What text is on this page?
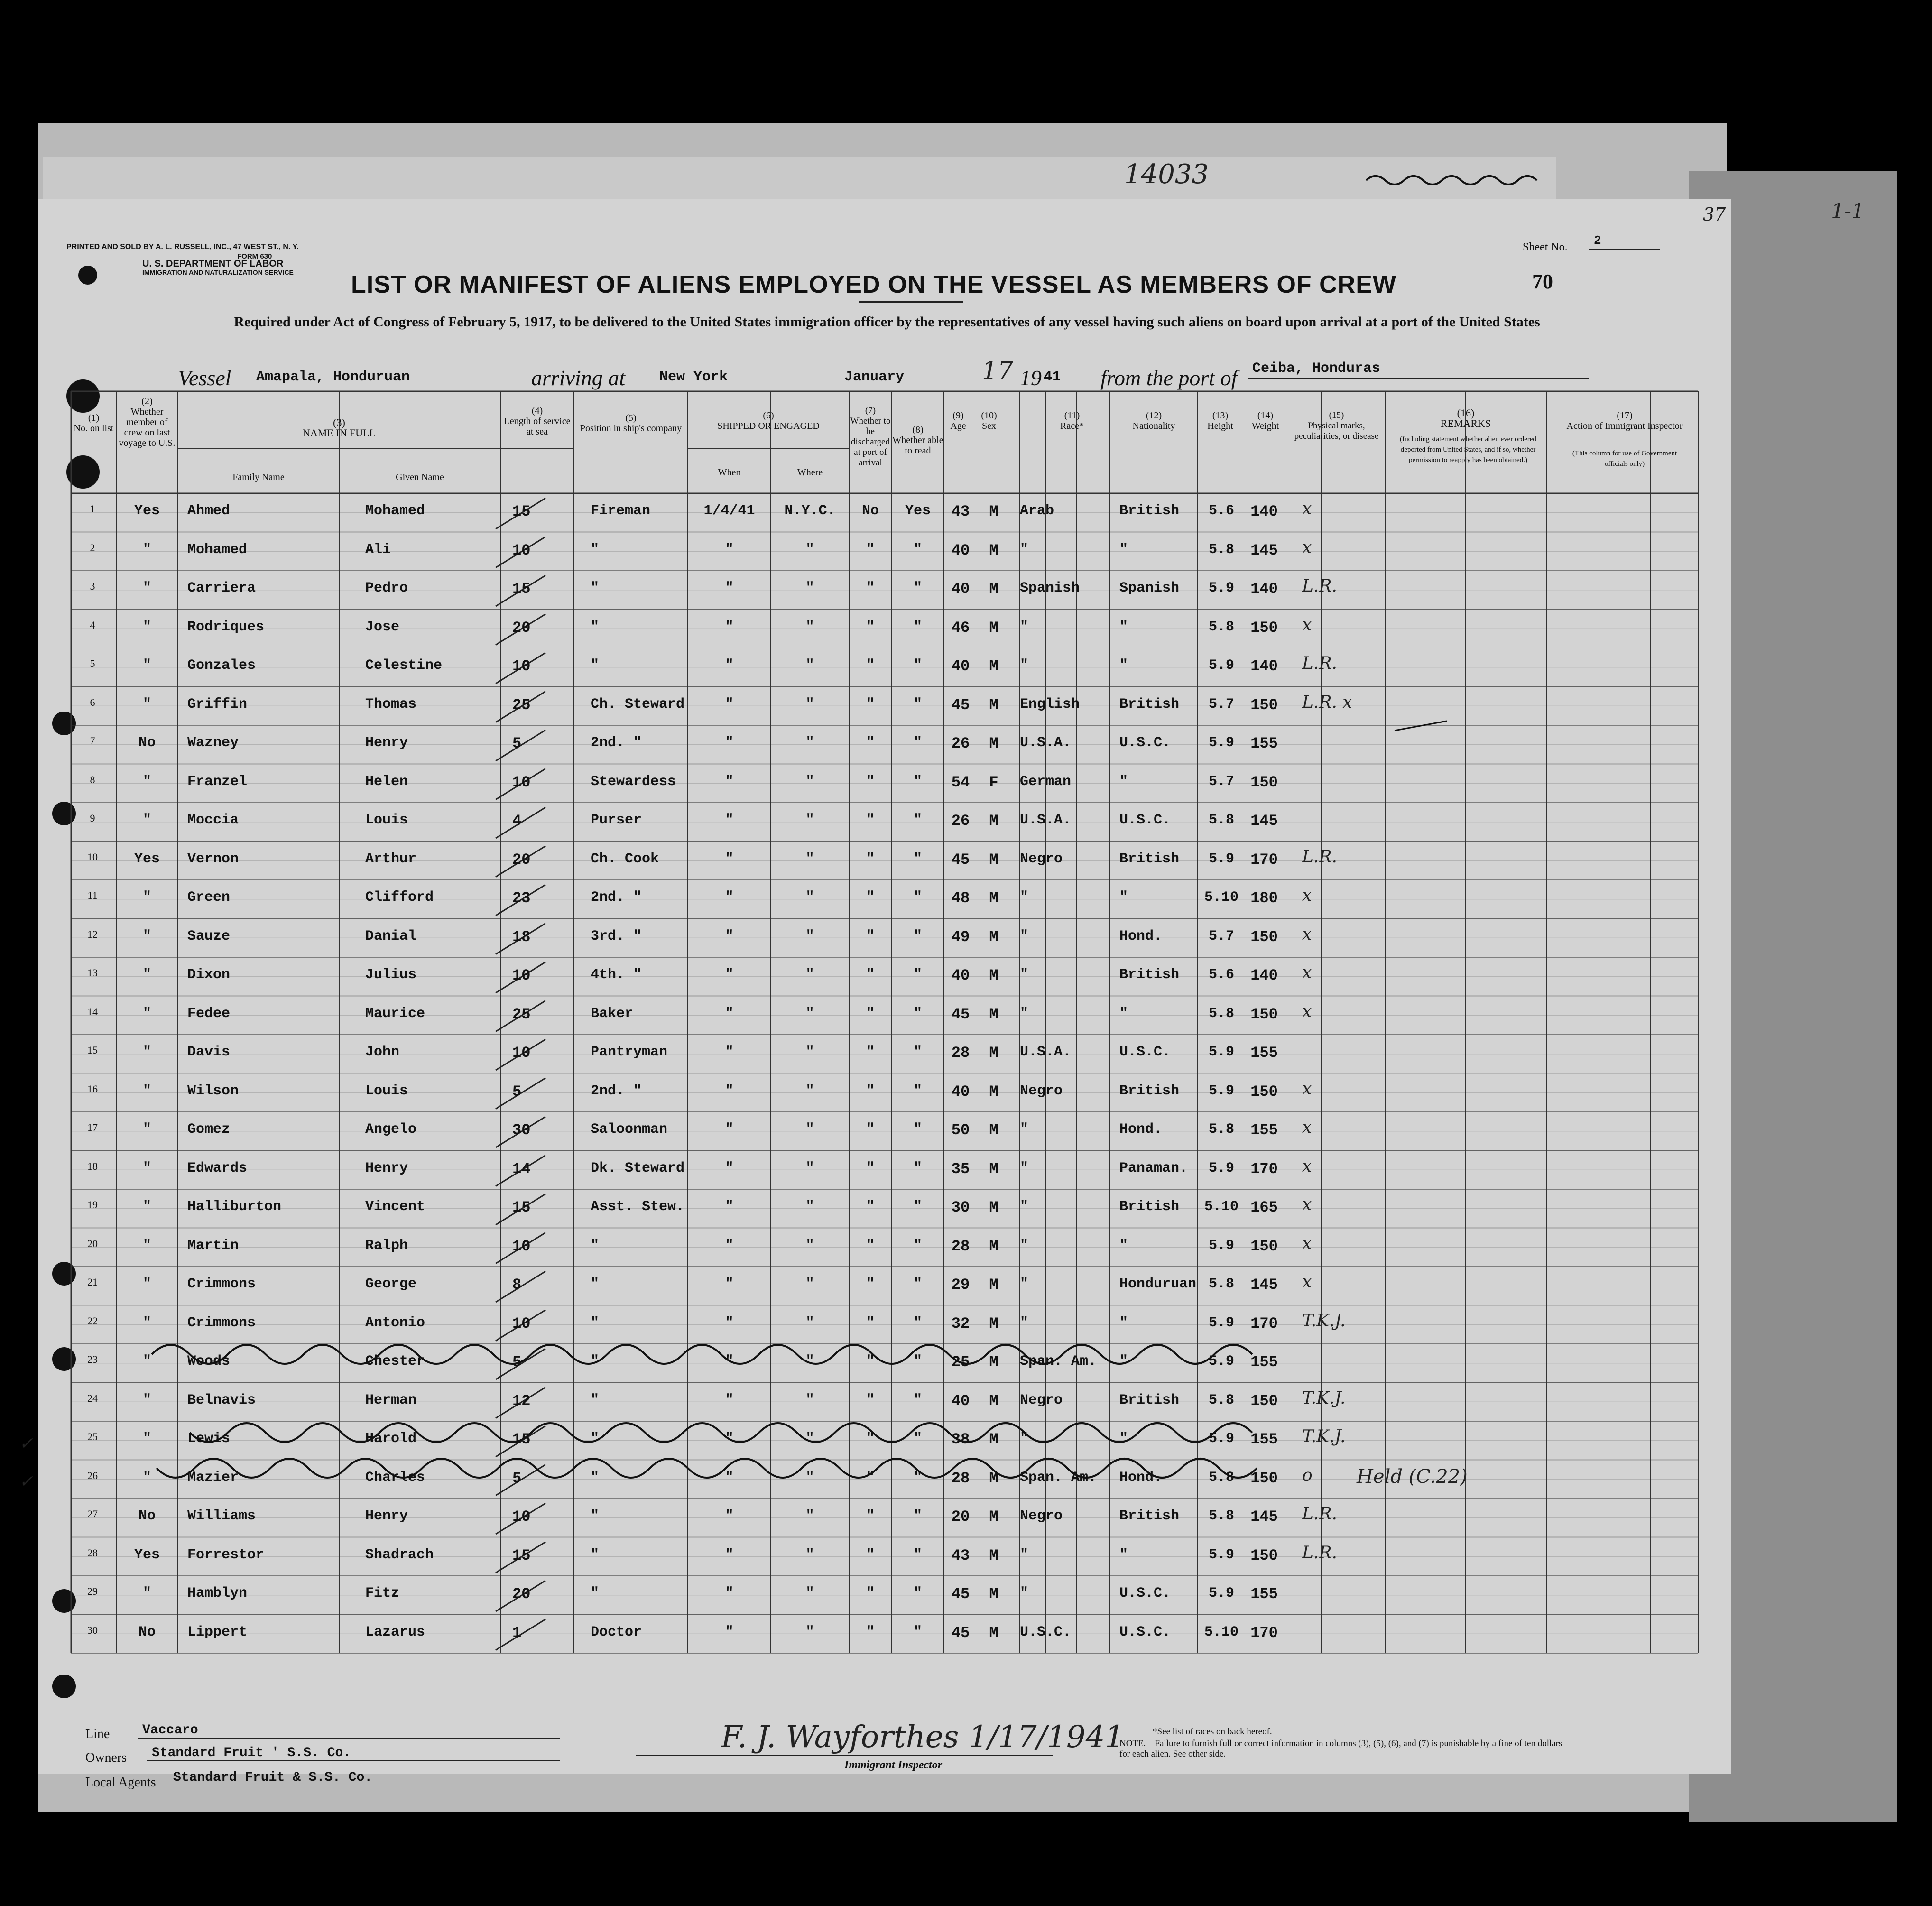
14033
1-1
37
PRINTED AND SOLD BY A. L. RUSSELL, INC., 47 WEST ST., N. Y.
FORM 630
U. S. DEPARTMENT OF LABOR
IMMIGRATION AND NATURALIZATION SERVICE
Sheet No. 2
70
LIST OR MANIFEST OF ALIENS EMPLOYED ON THE VESSEL AS MEMBERS OF CREW
Required under Act of Congress of February 5, 1917, to be delivered to the United States immigration officer by the representatives of any vessel having such aliens on board upon arrival at a port of the United States
Vessel Amapala, Honduruan	arriving at New York	January	17 19 41 from the port of Ceiba, Honduras
(1)
No. on list
(2)
Whether member of crew on last voyage to U.S.
(3)
NAME IN FULL
Family Name	Given Name
(4)
Length of service at sea
(5)
Position in ship's company
(6)
SHIPPED OR ENGAGED
When	Where
(7)
Whether to be discharged at port of arrival
(8)
Whether able to read
(9)
Age
(10)
Sex
(11)
Race*
(12)
Nationality
(13)
Height
(14)
Weight
(15)
Physical marks, peculiarities, or disease
(16)
REMARKS
(Including statement whether alien ever ordered deported from United States, and if so, whether permission to reapply has been obtained.)
(17)
Action of Immigrant Inspector
(This column for use of Government officials only)
1	Yes	Ahmed	Mohamed	15	Fireman	1/4/41	N.Y.C.	No	Yes	43	M	Arab	British	5.6	140	x
2	"	Mohamed	Ali	10	"	"	"	"	"	40	M	"	"	5.8	145	x
3	"	Carriera	Pedro	15	"	"	"	"	"	40	M	Spanish	Spanish	5.9	140	L.R.
4	"	Rodriques	Jose	20	"	"	"	"	"	46	M	"	"	5.8	150	x
5	"	Gonzales	Celestine	10	"	"	"	"	"	40	M	"	"	5.9	140	L.R.
6	"	Griffin	Thomas	25	Ch. Steward	"	"	"	"	45	M	English	British	5.7	150	L.R. x
7	No	Wazney	Henry	5	2nd. "	"	"	"	"	26	M	U.S.A.	U.S.C.	5.9	155
8	"	Franzel	Helen	10	Stewardess	"	"	"	"	54	F	German	"	5.7	150
9	"	Moccia	Louis	4	Purser	"	"	"	"	26	M	U.S.A.	U.S.C.	5.8	145
10	Yes	Vernon	Arthur	20	Ch. Cook	"	"	"	"	45	M	Negro	British	5.9	170	L.R.
11	"	Green	Clifford	23	2nd. "	"	"	"	"	48	M	"	"	5.10 180	x
12	"	Sauze	Danial	18	3rd. "	"	"	"	"	49	M	"	Hond.	5.7	150	x
13	"	Dixon	Julius	10	4th. "	"	"	"	"	40	M	"	British	5.6	140	x
14	"	Fedee	Maurice	25	Baker	"	"	"	"	45	M	"	"	5.8	150	x
15	"	Davis	John	10	Pantryman	"	"	"	"	28	M	U.S.A.	U.S.C.	5.9	155
16	"	Wilson	Louis	5	2nd. "	"	"	"	"	40	M	Negro	British	5.9	150	x
17	"	Gomez	Angelo	30	Saloonman	"	"	"	"	50	M	"	Hond.	5.8	155	x
18	"	Edwards	Henry	14	Dk. Steward	"	"	"	"	35	M	"	Panaman.	5.9	170	x
19	"	Halliburton	Vincent	15	Asst. Stew.	"	"	"	"	30	M	"	British	5.10 165	x
20	"	Martin	Ralph	10	"	"	"	"	"	28	M	"	"	5.9	150	x
21	"	Crimmons	George	8	"	"	"	"	"	29	M	"	Honduruan 5.8	145	x
22	"	Crimmons	Antonio	10	"	"	"	"	"	32	M	"	"	5.9	170	T.K.J.
23	"	Woods	Chester	5	"	"	"	"	"	25	M	Span. Am.	"	5.9	155
24	"	Belnavis	Herman	12	"	"	"	"	"	40	M	Negro	British	5.8	150	T.K.J.
25	"	Lewis	Harold	15	"	"	"	"	"	38	M	"	"	5.9	155	T.K.J.
26	"	Mazier	Charles	5	"	"	"	"	"	28	M	Span. Am.	Hond.	5.8	150	o	Held (C.22)
27	No	Williams	Henry	10	"	"	"	"	"	20	M	Negro	British	5.8	145	L.R.
28	Yes	Forrestor	Shadrach	15	"	"	"	"	"	43	M	"	"	5.9	150	L.R.
29	"	Hamblyn	Fitz	20	"	"	"	"	"	45	M	"	U.S.C.	5.9	155
30	No	Lippert	Lazarus	1	Doctor	"	"	"	"	45	M	U.S.C.	U.S.C.	5.10 170
✓
✓
Line Vaccaro
Owners Standard Fruit ' S.S. Co.
Local Agents Standard Fruit & S.S. Co.
F. J. Wayforthes 1/17/1941
Immigrant Inspector
*See list of races on back hereof.
NOTE.—Failure to furnish full or correct information in columns (3), (5), (6), and (7) is punishable by a fine of ten dollars for each alien. See other side.
